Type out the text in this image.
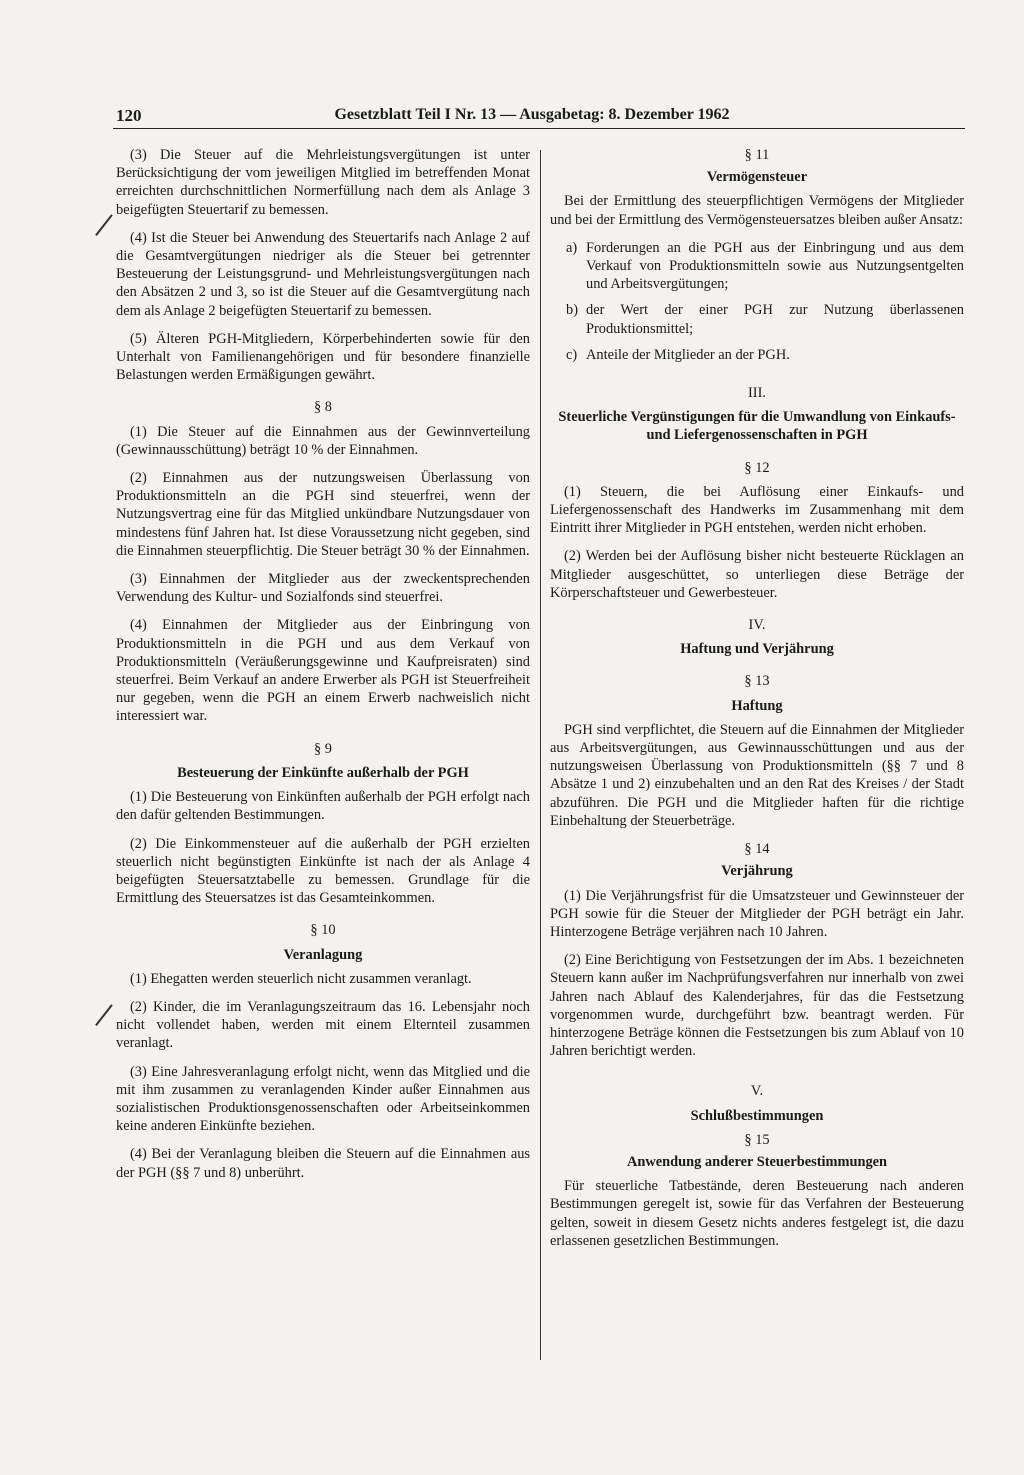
120	Gesetzblatt Teil I Nr. 13 — Ausgabetag: 8. Dezember 1962

(3) Die Steuer auf die Mehrleistungsvergütungen ist unter Berücksichtigung der vom jeweiligen Mitglied im betreffenden Monat erreichten durchschnittlichen Normerfüllung nach dem als Anlage 3 beigefügten Steuertarif zu bemessen.

(4) Ist die Steuer bei Anwendung des Steuertarifs nach Anlage 2 auf die Gesamtvergütungen niedriger als die Steuer bei getrennter Besteuerung der Leistungsgrund- und Mehrleistungsvergütungen nach den Absätzen 2 und 3, so ist die Steuer auf die Gesamtvergütung nach dem als Anlage 2 beigefügten Steuertarif zu bemessen.

(5) Älteren PGH-Mitgliedern, Körperbehinderten sowie für den Unterhalt von Familienangehörigen und für besondere finanzielle Belastungen werden Ermäßigungen gewährt.

§ 8

(1) Die Steuer auf die Einnahmen aus der Gewinnverteilung (Gewinnausschüttung) beträgt 10 % der Einnahmen.

(2) Einnahmen aus der nutzungsweisen Überlassung von Produktionsmitteln an die PGH sind steuerfrei, wenn der Nutzungsvertrag eine für das Mitglied unkündbare Nutzungsdauer von mindestens fünf Jahren hat. Ist diese Voraussetzung nicht gegeben, sind die Einnahmen steuerpflichtig. Die Steuer beträgt 30 % der Einnahmen.

(3) Einnahmen der Mitglieder aus der zweckentsprechenden Verwendung des Kultur- und Sozialfonds sind steuerfrei.

(4) Einnahmen der Mitglieder aus der Einbringung von Produktionsmitteln in die PGH und aus dem Verkauf von Produktionsmitteln (Veräußerungsgewinne und Kaufpreisraten) sind steuerfrei. Beim Verkauf an andere Erwerber als PGH ist Steuerfreiheit nur gegeben, wenn die PGH an einem Erwerb nachweislich nicht interessiert war.

§ 9
Besteuerung der Einkünfte außerhalb der PGH

(1) Die Besteuerung von Einkünften außerhalb der PGH erfolgt nach den dafür geltenden Bestimmungen.

(2) Die Einkommensteuer auf die außerhalb der PGH erzielten steuerlich nicht begünstigten Einkünfte ist nach der als Anlage 4 beigefügten Steuersatztabelle zu bemessen. Grundlage für die Ermittlung des Steuersatzes ist das Gesamteinkommen.

§ 10
Veranlagung

(1) Ehegatten werden steuerlich nicht zusammen veranlagt.

(2) Kinder, die im Veranlagungszeitraum das 16. Lebensjahr noch nicht vollendet haben, werden mit einem Elternteil zusammen veranlagt.

(3) Eine Jahresveranlagung erfolgt nicht, wenn das Mitglied und die mit ihm zusammen zu veranlagenden Kinder außer Einnahmen aus sozialistischen Produktionsgenossenschaften oder Arbeitseinkommen keine anderen Einkünfte beziehen.

(4) Bei der Veranlagung bleiben die Steuern auf die Einnahmen aus der PGH (§§ 7 und 8) unberührt.

§ 11
Vermögensteuer

Bei der Ermittlung des steuerpflichtigen Vermögens der Mitglieder und bei der Ermittlung des Vermögensteuersatzes bleiben außer Ansatz:

a) Forderungen an die PGH aus der Einbringung und aus dem Verkauf von Produktionsmitteln sowie aus Nutzungsentgelten und Arbeitsvergütungen;
b) der Wert der einer PGH zur Nutzung überlassenen Produktionsmittel;
c) Anteile der Mitglieder an der PGH.
III.
Steuerliche Vergünstigungen für die Umwandlung von Einkaufs- und Liefergenossenschaften in PGH
§ 12

(1) Steuern, die bei Auflösung einer Einkaufs- und Liefergenossenschaft des Handwerks im Zusammenhang mit dem Eintritt ihrer Mitglieder in PGH entstehen, werden nicht erhoben.

(2) Werden bei der Auflösung bisher nicht besteuerte Rücklagen an Mitglieder ausgeschüttet, so unterliegen diese Beträge der Körperschaftsteuer und Gewerbesteuer.

IV.
Haftung und Verjährung
§ 13
Haftung

PGH sind verpflichtet, die Steuern auf die Einnahmen der Mitglieder aus Arbeitsvergütungen, aus Gewinnausschüttungen und aus der nutzungsweisen Überlassung von Produktionsmitteln (§§ 7 und 8 Absätze 1 und 2) einzubehalten und an den Rat des Kreises / der Stadt abzuführen. Die PGH und die Mitglieder haften für die richtige Einbehaltung der Steuerbeträge.

§ 14
Verjährung

(1) Die Verjährungsfrist für die Umsatzsteuer und Gewinnsteuer der PGH sowie für die Steuer der Mitglieder der PGH beträgt ein Jahr. Hinterzogene Beträge verjähren nach 10 Jahren.

(2) Eine Berichtigung von Festsetzungen der im Abs. 1 bezeichneten Steuern kann außer im Nachprüfungsverfahren nur innerhalb von zwei Jahren nach Ablauf des Kalenderjahres, für das die Festsetzung vorgenommen wurde, durchgeführt bzw. beantragt werden. Für hinterzogene Beträge können die Festsetzungen bis zum Ablauf von 10 Jahren berichtigt werden.

V.
Schlußbestimmungen
§ 15
Anwendung anderer Steuerbestimmungen

Für steuerliche Tatbestände, deren Besteuerung nach anderen Bestimmungen geregelt ist, sowie für das Verfahren der Besteuerung gelten, soweit in diesem Gesetz nichts anderes festgelegt ist, die dazu erlassenen gesetzlichen Bestimmungen.
